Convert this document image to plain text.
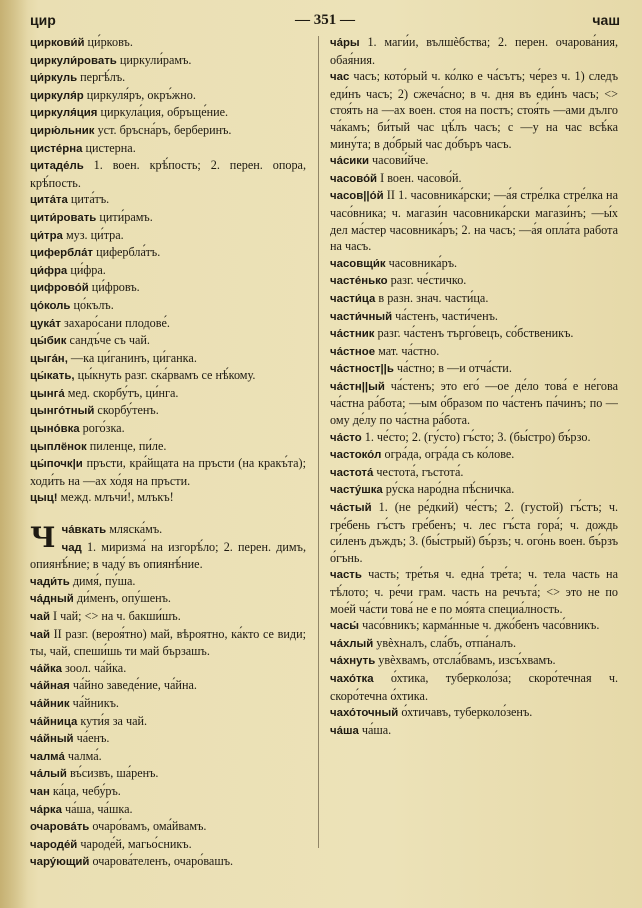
цир	— 351 —	чаш

циркови́й ци́рковъ.

циркули́ровать циркули́рамъ.

ци́ркуль пергѣ́лъ.

циркуля́р циркуля́ръ, окръ́жно.

циркуля́ция циркула́ция, обръще́ние.

цирю́льник уст. бръсна́ръ, берберинъ.

цисте́рна цистерна.

цитаде́ль 1. воен. крѣ́пость; 2. перен. опора, крѣ́пость.

цита́та цита́тъ.

цити́ровать цити́рамъ.

ци́тра муз. ци́тра.

цифербла́т цифербла́тъ.

ци́фра ци́фра.

цифрово́й ци́фровъ.

цо́коль цо́кълъ.

цука́т захаро́сани плодове́.

цы́бик сандъ́че съ чай.

цыга́н, —ка ци́ганинъ, ци́ганка.

цы́кать, цы́кнуть разг. ска́рвамъ се нѣ́кому.

цынга́ мед. скорбу́тъ, ци́нга.

цынго́тный скорбу́тенъ.

цыно́вка рого́зка.

цыплёнок пиленце, пи́ле.

цы́почк|и пръсти, кра́йщата на пръсти (на кракъ́та); ходи́ть на —ах хо́дя на пръсти.

цыц! межд. млъчи́!, млъкъ!

Чча́вкать мляска́мъ.

чад 1. миризма́ на изгорѣ́ло; 2. перен. димъ, опиянѣ́ние; в чаду́ въ опиянѣ́ние.

чади́ть димя́, пу́ша.

ча́дный ди́менъ, опу́шенъ.

чай I чай; <> на ч. бакши́шъ.

чай II разг. (вероя́тно) май, вѣроятно, ка́кто се види; ты, чай, спеши́шь ти май бързашъ.

ча́йка зоол. ча́йка.

ча́йная ча́йно заведе́ние, ча́йна.

ча́йник ча́йникъ.

ча́йница кути́я за чай.

ча́йный ча́енъ.

чалма́ чалма́.

ча́лый въ́сизвъ, ша́ренъ.

чан ка́ца, чебу́ръ.

ча́рка ча́ша, ча́шка.

очарова́ть очаро́вамъ, ома́йвамъ.

чароде́й чароде́й, магьо́сникъ.

чару́ющий очарова́теленъ, очаро́вашъ.

ча́ры 1. маги́и, вълшѐбства; 2. перен. очарова́ния, обая́ния.

час часъ; кото́рый ч. ко́лко е ча́сътъ; че́рез ч. 1) следъ еди́нъ часъ; 2) сжеча́сно; в ч. дня въ еди́нъ часъ; <> стоя́ть на —ах воен. стоя на постъ; стоя́ть —ами дълго ча́камъ; би́тый час цѣ́лъ часъ; с —у на час всѣ́ка мину́та; в до́брый час до́бъръ часъ.

ча́сики часови́йче.

часово́й I воен. часово́й.

часов||о́й II 1. часовника́рски; —а́я стре́лка стре́лка на часо́вника; ч. магази́н часовника́рски магази́нъ; —ы́х дел ма́стер часовника́ръ; 2. на часъ; —а́я опла́та работа на часъ.

часовщи́к часовника́ръ.

часте́нько разг. че́стичко.

части́ца в разн. знач. части́ца.

части́чный ча́стенъ, части́ченъ.

ча́стник разг. ча́стенъ търго́вецъ, со́бственикъ.

ча́стное мат. ча́стно.

ча́стност||ь ча́стно; в —и отча́сти.

ча́стн||ый ча́стенъ; это его́ —ое де́ло това́ е не́гова ча́стна ра́бота; —ым о́бразом по ча́стенъ па́чинъ; по —ому де́лу по ча́стна ра́бота.

ча́сто 1. че́сто; 2. (гу́сто) гъ́сто; 3. (бы́стро) бъ́рзо.

частоко́л огра́да, огра́да съ ко́лове.

частота́ честота́, гъстота́.

частýшка ру́ска наро́дна пѣ́сничка.

ча́стый 1. (не ре́дкий) че́стъ; 2. (густой) гъ́стъ; ч. гре́бень гъ́стъ гре́бенъ; ч. лес гъ́ста гора́; ч. дождь си́ленъ дъждъ; 3. (бы́стрый) бъ́рзъ; ч. ого́нь воен. бъ́рзъ о́гънь.

часть часть; тре́тья ч. една́ тре́та; ч. тела часть на тѣ́лото; ч. ре́чи грам. часть на речъта́; <> это не по мое́й ча́сти това́ не е по мо́ята специа́лность.

часы́ часо́вникъ; карма́нные ч. джо́бенъ часо́вникъ.

ча́хлый увѐхналъ, сла́бъ, отпа́налъ.

ча́хнуть увѐхвамъ, отсла́бвамъ, изсъ́хвамъ.

чахо́тка о́хтика, туберколо́за; скоро́течная ч. скоро́течна о́хтика.

чахо́точный о́хтичавъ, туберколо́зенъ.

ча́ша ча́ша.
